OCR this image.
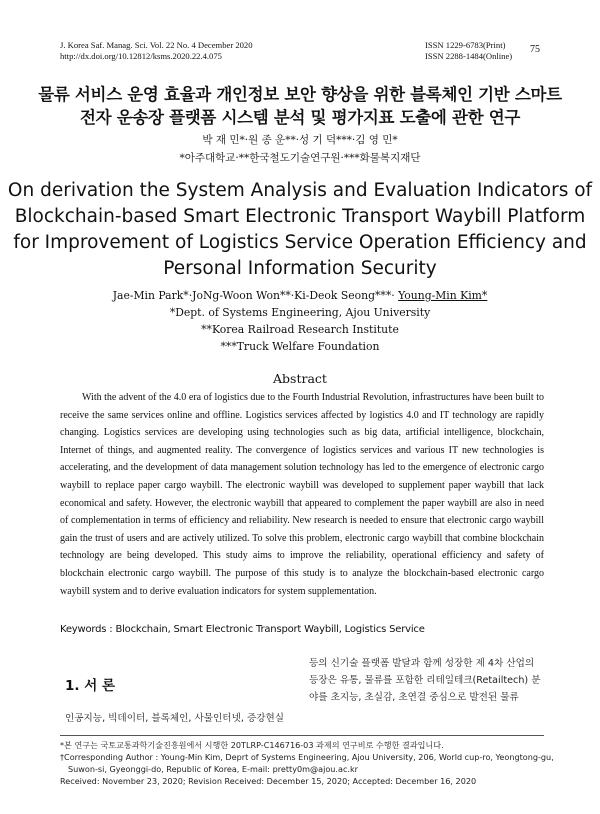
J. Korea Saf. Manag. Sci. Vol. 22 No. 4 December 2020
http://dx.doi.org/10.12812/ksms.2020.22.4.075
ISSN 1229-6783(Print)
ISSN 2288-1484(Online)
75
물류 서비스 운영 효율과 개인정보 보안 향상을 위한 블록체인 기반 스마트
전자 운송장 플랫폼 시스템 분석 및 평가지표 도출에 관한 연구
박 재 민*·원 종 운**·성 기 덕***·김 영 민*
*아주대학교·**한국철도기술연구원·***화물복지재단
On derivation the System Analysis and Evaluation Indicators of
Blockchain-based Smart Electronic Transport Waybill Platform
for Improvement of Logistics Service Operation Efficiency and
Personal Information Security
Jae-Min Park*·JoNg-Woon Won**·Ki-Deok Seong***· Young-Min Kim*
*Dept. of Systems Engineering, Ajou University
**Korea Railroad Research Institute
***Truck Welfare Foundation
Abstract

With the advent of the 4.0 era of logistics due to the Fourth Industrial Revolution, infrastructures have been built to receive the same services online and offline. Logistics services affected by logistics 4.0 and IT technology are rapidly changing. Logistics services are developing using technologies such as big data, artificial intelligence, blockchain, Internet of things, and augmented reality. The convergence of logistics services and various IT new technologies is accelerating, and the development of data management solution technology has led to the emergence of electronic cargo waybill to replace paper cargo waybill. The electronic waybill was developed to supplement paper waybill that lack economical and safety. However, the electronic waybill that appeared to complement the paper waybill are also in need of complementation in terms of efficiency and reliability. New research is needed to ensure that electronic cargo waybill gain the trust of users and are actively utilized. To solve this problem, electronic cargo waybill that combine blockchain technology are being developed. This study aims to improve the reliability, operational efficiency and safety of blockchain electronic cargo waybill. The purpose of this study is to analyze the blockchain-based electronic cargo waybill system and to derive evaluation indicators for system supplementation.

Keywords : Blockchain, Smart Electronic Transport Waybill, Logistics Service
1. 서 론
인공지능, 빅데이터, 블록체인, 사물인터넷, 증강현실
등의 신기술 플랫폼 발달과 함께 성장한 제 4차 산업의
등장은 유통, 물류를 포함한 리테일테크(Retailtech) 분
야를 초지능, 초실감, 초연결 중심으로 발전된 물류
*본 연구는 국토교통과학기술진흥원에서 시행한 20TLRP-C146716-03 과제의 연구비로 수행한 결과입니다.
†Corresponding Author : Young-Min Kim, Deprt of Systems Engineering, Ajou University, 206, World cup-ro, Yeongtong-gu,
Suwon-si, Gyeonggi-do, Republic of Korea, E-mail: pretty0m@ajou.ac.kr
Received: November 23, 2020; Revision Received: December 15, 2020; Accepted: December 16, 2020
